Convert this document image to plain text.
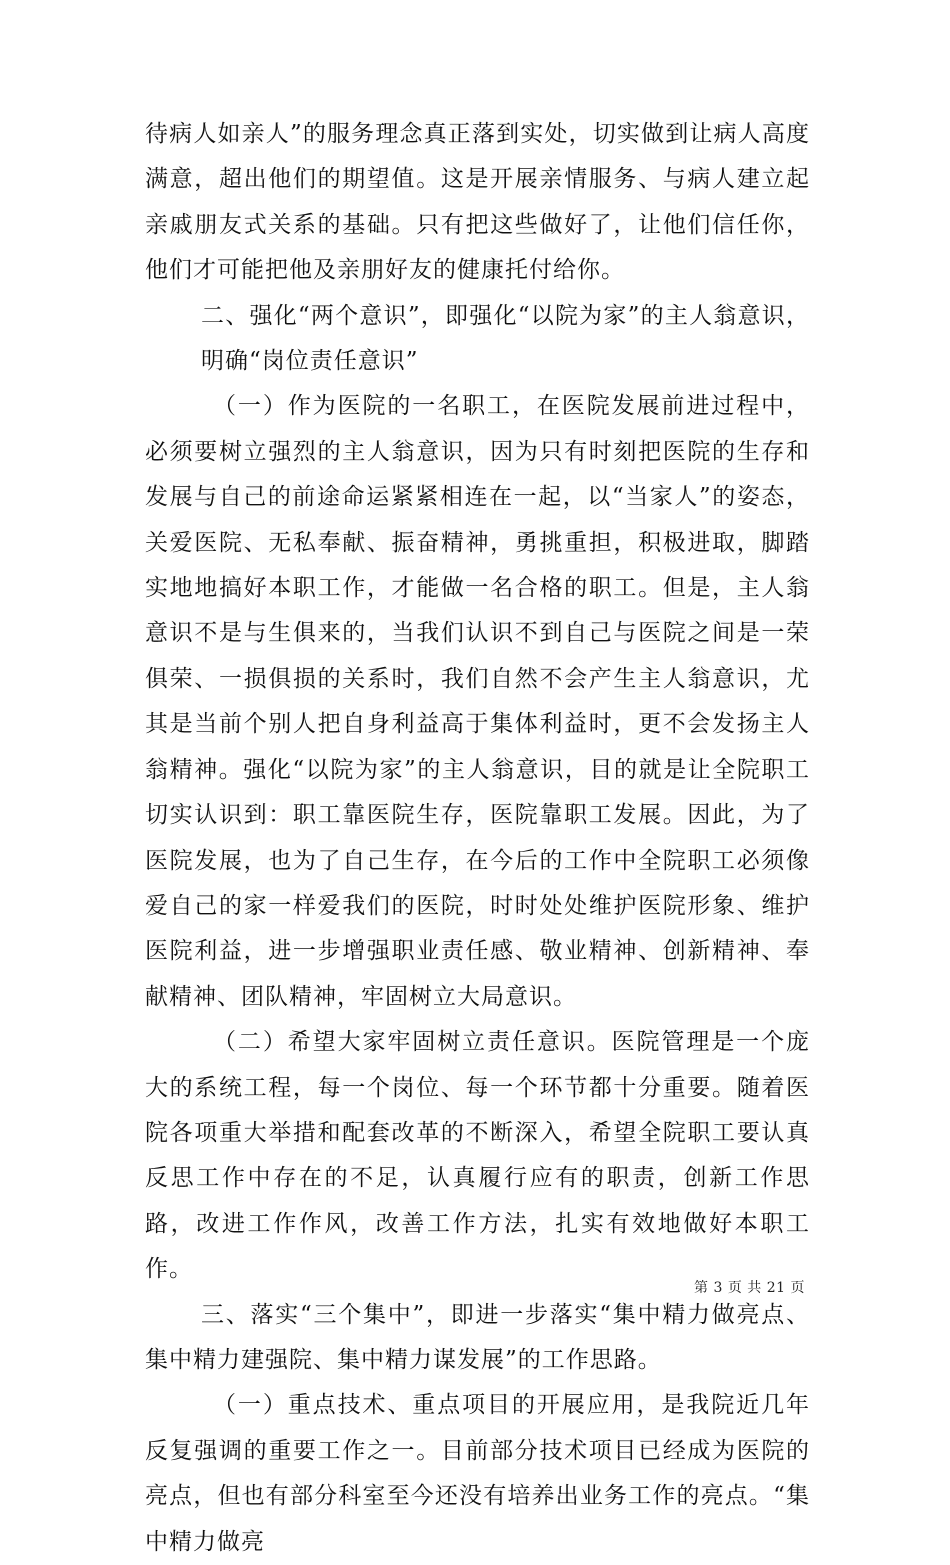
待病人如亲人”的服务理念真正落到实处，切实做到让病人高度满意，超出他们的期望值。这是开展亲情服务、与病人建立起亲戚朋友式关系的基础。只有把这些做好了，让他们信任你，他们才可能把他及亲朋好友的健康托付给你。

二、强化“两个意识”，即强化“以院为家”的主人翁意识，明确“岗位责任意识”

（一）作为医院的一名职工，在医院发展前进过程中，必须要树立强烈的主人翁意识，因为只有时刻把医院的生存和发展与自己的前途命运紧紧相连在一起，以“当家人”的姿态，关爱医院、无私奉献、振奋精神，勇挑重担，积极进取，脚踏实地地搞好本职工作，才能做一名合格的职工。但是，主人翁意识不是与生俱来的，当我们认识不到自己与医院之间是一荣俱荣、一损俱损的关系时，我们自然不会产生主人翁意识，尤其是当前个别人把自身利益高于集体利益时，更不会发扬主人翁精神。强化“以院为家”的主人翁意识，目的就是让全院职工切实认识到：职工靠医院生存，医院靠职工发展。因此，为了医院发展，也为了自己生存，在今后的工作中全院职工必须像爱自己的家一样爱我们的医院，时时处处维护医院形象、维护医院利益，进一步增强职业责任感、敬业精神、创新精神、奉献精神、团队精神，牢固树立大局意识。

（二）希望大家牢固树立责任意识。医院管理是一个庞大的系统工程，每一个岗位、每一个环节都十分重要。随着医院各项重大举措和配套改革的不断深入，希望全院职工要认真反思工作中存在的不足，认真履行应有的职责，创新工作思路，改进工作作风，改善工作方法，扎实有效地做好本职工作。

三、落实“三个集中”，即进一步落实“集中精力做亮点、集中精力建强院、集中精力谋发展”的工作思路。

（一）重点技术、重点项目的开展应用，是我院近几年反复强调的重要工作之一。目前部分技术项目已经成为医院的亮点，但也有部分科室至今还没有培养出业务工作的亮点。“集中精力做亮

第 3 页 共 21 页
